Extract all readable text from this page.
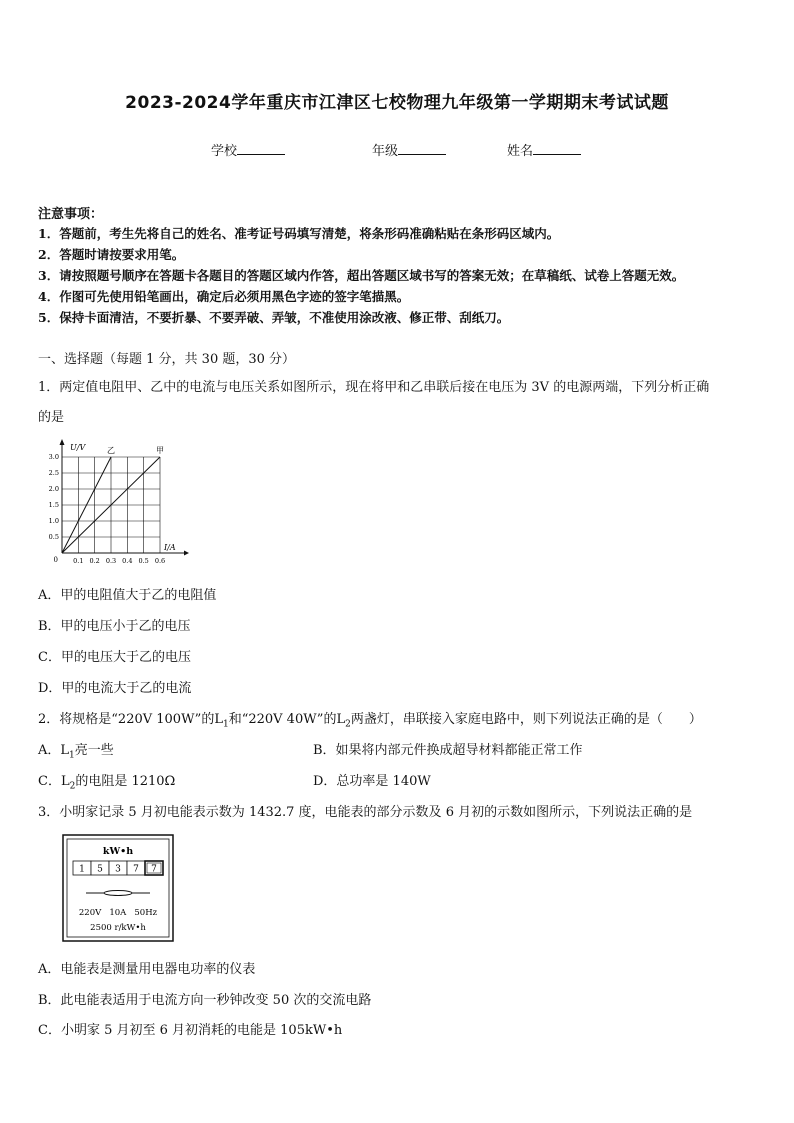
2023-2024学年重庆市江津区七校物理九年级第一学期期末考试试题
学校	年级	姓名
注意事项：
1．答题前，考生先将自己的姓名、准考证号码填写清楚，将条形码准确粘贴在条形码区域内。
2．答题时请按要求用笔。
3．请按照题号顺序在答题卡各题目的答题区域内作答，超出答题区域书写的答案无效；在草稿纸、试卷上答题无效。
4．作图可先使用铅笔画出，确定后必须用黑色字迹的签字笔描黑。
5．保持卡面清洁，不要折暴、不要弄破、弄皱，不准使用涂改液、修正带、刮纸刀。
一、选择题（每题 1 分，共 30 题，30 分）
1．两定值电阻甲、乙中的电流与电压关系如图所示，现在将甲和乙串联后接在电压为 3V 的电源两端，下列分析正确
的是
0.1 0.2 0.3 0.4 0.5 0.6
0.5
1.0
1.5
2.0
2.5
3.0
0
U/V
I/A
甲
乙
A．甲的电阻值大于乙的电阻值
B．甲的电压小于乙的电压
C．甲的电压大于乙的电压
D．甲的电流大于乙的电流
2．将规格是“220V 100W”的$L_1$和“220V 40W”的$L_2$两盏灯，串联接入家庭电路中，则下列说法正确的是（　　）
A．$L_1$亮一些	B．如果将内部元件换成超导材料都能正常工作
C．$L_2$的电阻是 1210Ω	D．总功率是 140W
3．小明家记录 5 月初电能表示数为 1432.7 度，电能表的部分示数及 6 月初的示数如图所示，下列说法正确的是
kW•h
1 5 3 7 7
220V   10A   50Hz
2500 r/kW•h
A．电能表是测量用电器电功率的仪表
B．此电能表适用于电流方向一秒钟改变 50 次的交流电路
C．小明家 5 月初至 6 月初消耗的电能是 105kW•h
